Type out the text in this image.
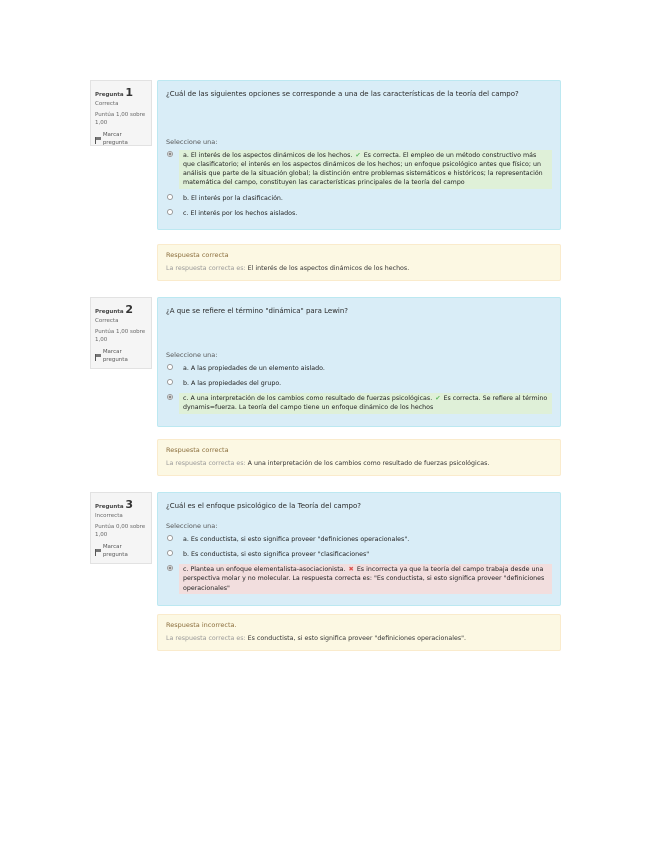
Pregunta 1
Correcta
Puntúa 1,00 sobre 1,00
Marcar pregunta
¿Cuál de las siguientes opciones se corresponde a una de las características de la teoría del campo?
Seleccione una:
a. El interés de los aspectos dinámicos de los hechos. ✔ Es correcta. El empleo de un método constructivo más que clasificatorio; el interés en los aspectos dinámicos de los hechos; un enfoque psicológico antes que físico; un análisis que parte de la situación global; la distinción entre problemas sistemáticos e históricos; la representación matemática del campo, constituyen las características principales de la teoría del campo
b. El interés por la clasificación.
c. El interés por los hechos aislados.
Respuesta correcta
La respuesta correcta es: El interés de los aspectos dinámicos de los hechos.
Pregunta 2
Correcta
Puntúa 1,00 sobre 1,00
Marcar pregunta
¿A que se refiere el término "dinámica" para Lewin?
Seleccione una:
a. A las propiedades de un elemento aislado.
b. A las propiedades del grupo.
c. A una interpretación de los cambios como resultado de fuerzas psicológicas. ✔ Es correcta. Se refiere al término dynamis=fuerza. La teoría del campo tiene un enfoque dinámico de los hechos
Respuesta correcta
La respuesta correcta es: A una interpretación de los cambios como resultado de fuerzas psicológicas.
Pregunta 3
Incorrecta
Puntúa 0,00 sobre 1,00
Marcar pregunta
¿Cuál es el enfoque psicológico de la Teoría del campo?
Seleccione una:
a. Es conductista, si esto significa proveer "definiciones operacionales".
b. Es conductista, si esto significa proveer "clasificaciones"
c. Plantea un enfoque elementalista-asociacionista. ✖ Es incorrecta ya que la teoría del campo trabaja desde una perspectiva molar y no molecular. La respuesta correcta es: "Es conductista, si esto significa proveer "definiciones operacionales"
Respuesta incorrecta.
La respuesta correcta es: Es conductista, si esto significa proveer "definiciones operacionales".
